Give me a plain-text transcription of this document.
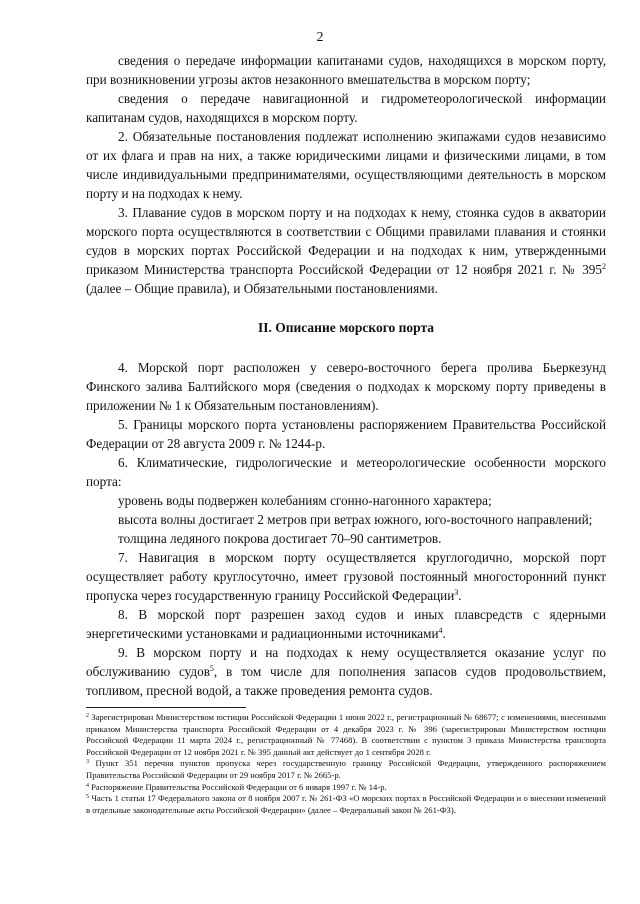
2

сведения о передаче информации капитанами судов, находящихся в морском порту, при возникновении угрозы актов незаконного вмешательства в морском порту;

сведения о передаче навигационной и гидрометеорологической информации капитанам судов, находящихся в морском порту.

2. Обязательные постановления подлежат исполнению экипажами судов независимо от их флага и прав на них, а также юридическими лицами и физическими лицами, в том числе индивидуальными предпринимателями, осуществляющими деятельность в морском порту и на подходах к нему.

3. Плавание судов в морском порту и на подходах к нему, стоянка судов в акватории морского порта осуществляются в соответствии с Общими правилами плавания и стоянки судов в морских портах Российской Федерации и на подходах к ним, утвержденными приказом Министерства транспорта Российской Федерации от 12 ноября 2021 г. № $395^2$ (далее – Общие правила), и Обязательными постановлениями.

II. Описание морского порта

4. Морской порт расположен у северо-восточного берега пролива Бьеркезунд Финского залива Балтийского моря (сведения о подходах к морскому порту приведены в приложении № 1 к Обязательным постановлениям).

5. Границы морского порта установлены распоряжением Правительства Российской Федерации от 28 августа 2009 г. № 1244-р.

6. Климатические, гидрологические и метеорологические особенности морского порта:

уровень воды подвержен колебаниям сгонно-нагонного характера;

высота волны достигает 2 метров при ветрах южного, юго-восточного направлений;

толщина ледяного покрова достигает 70–90 сантиметров.

7. Навигация в морском порту осуществляется круглогодично, морской порт осуществляет работу круглосуточно, имеет грузовой постоянный многосторонний пункт пропуска через государственную границу Российской Федерации$^3$.

8. В морской порт разрешен заход судов и иных плавсредств с ядерными энергетическими установками и радиационными источниками$^4$.

9. В морском порту и на подходах к нему осуществляется оказание услуг по обслуживанию судов$^5$, в том числе для пополнения запасов судов продовольствием, топливом, пресной водой, а также проведения ремонта судов.

$^2$ Зарегистрирован Министерством юстиции Российской Федерации 1 июня 2022 г., регистрационный № 68677; с изменениями, внесенными приказом Министерства транспорта Российской Федерации от 4 декабря 2023 г. № 396 (зарегистрирован Министерством юстиции Российской Федерации 11 марта 2024 г., регистрационный № 77468). В соответствии с пунктом 3 приказа Министерства транспорта Российской Федерации от 12 ноября 2021 г. № 395 данный акт действует до 1 сентября 2028 г.

$^3$ Пункт 351 перечня пунктов пропуска через государственную границу Российской Федерации, утвержденного распоряжением Правительства Российской Федерации от 29 ноября 2017 г. № 2665-р.

$^4$ Распоряжение Правительства Российской Федерации от 6 января 1997 г. № 14-р.

$^5$ Часть 1 статьи 17 Федерального закона от 8 ноября 2007 г. № 261-ФЗ «О морских портах в Российской Федерации и о внесении изменений в отдельные законодательные акты Российской Федерации» (далее – Федеральный закон № 261-ФЗ).
